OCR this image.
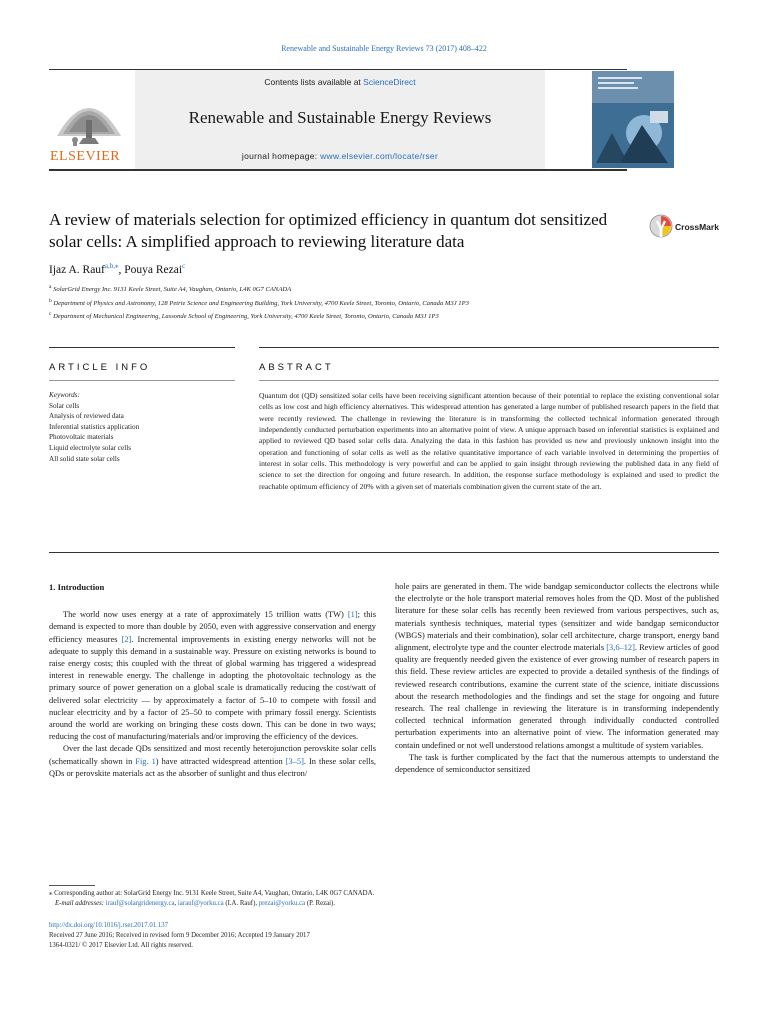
Renewable and Sustainable Energy Reviews 73 (2017) 408–422
ELSEVIER
Contents lists available at ScienceDirect
Renewable and Sustainable Energy Reviews
journal homepage: www.elsevier.com/locate/rser
A review of materials selection for optimized efficiency in quantum dot sensitized solar cells: A simplified approach to reviewing literature data
CrossMark
Ijaz A. Rauf$^{a,b,⁎}$, Pouya Rezai$^c$
$^a$ SolarGrid Energy Inc. 9131 Keele Street, Suite A4, Vaughan, Ontario, L4K 0G7 CANADA
$^b$ Department of Physics and Astronomy, 128 Petrie Science and Engineering Building, York University, 4700 Keele Street, Toronto, Ontario, Canada M3J 1P3
$^c$ Department of Mechanical Engineering, Lassonde School of Engineering, York University, 4700 Keele Street, Toronto, Ontario, Canada M3J 1P3
ARTICLE INFO	ABSTRACT
Keywords:
Solar cells
Analysis of reviewed data
Inferential statistics application
Photovoltaic materials
Liquid electrolyte solar cells
All solid state solar cells
Quantum dot (QD) sensitized solar cells have been receiving significant attention because of their potential to replace the existing conventional solar cells as low cost and high efficiency alternatives. This widespread attention has generated a large number of published research papers in the field that were recently reviewed. The challenge in reviewing the literature is in transforming the collected technical information generated through independently conducted perturbation experiments into an alternative point of view. A unique approach based on inferential statistics is explained and applied to reviewed QD based solar cells data. Analyzing the data in this fashion has provided us new and previously unknown insight into the operation and functioning of solar cells as well as the relative quantitative importance of each variable involved in determining the properties of interest in solar cells. This methodology is very powerful and can be applied to gain insight through reviewing the published data in any field of science to set the direction for ongoing and future research. In addition, the response surface methodology is explained and used to predict the reachable optimum efficiency of 20% with a given set of materials combination given the current state of the art.
1. Introduction

The world now uses energy at a rate of approximately 15 trillion watts (TW) [1]; this demand is expected to more than double by 2050, even with aggressive conservation and energy efficiency measures [2]. Incremental improvements in existing energy networks will not be adequate to supply this demand in a sustainable way. Pressure on existing networks is bound to raise energy costs; this coupled with the threat of global warming has triggered a widespread interest in renewable energy. The challenge in adopting the photovoltaic technology as the primary source of power generation on a global scale is dramatically reducing the cost/watt of delivered solar electricity — by approximately a factor of 5–10 to compete with fossil and nuclear electricity and by a factor of 25–50 to compete with primary fossil energy. Scientists around the world are working on bringing these costs down. This can be done in two ways; reducing the cost of manufacturing/materials and/or improving the efficiency of the devices.

Over the last decade QDs sensitized and most recently heterojunction perovskite solar cells (schematically shown in Fig. 1) have attracted widespread attention [3–5]. In these solar cells, QDs or perovskite materials act as the absorber of sunlight and thus electron/

hole pairs are generated in them. The wide bandgap semiconductor collects the electrons while the electrolyte or the hole transport material removes holes from the QD. Most of the published literature for these solar cells has recently been reviewed from various perspectives, such as, materials synthesis techniques, material types (sensitizer and wide bandgap semiconductor (WBGS) materials and their combination), solar cell architecture, charge transport, energy band alignment, electrolyte type and the counter electrode materials [3,6–12]. Review articles of good quality are frequently needed given the existence of ever growing number of research papers in this field. These review articles are expected to provide a detailed synthesis of the findings of reviewed research contributions, examine the current state of the science, initiate discussions about the research methodologies and the findings and set the stage for ongoing and future research. The real challenge in reviewing the literature is in transforming independently collected technical information generated through individually conducted controlled perturbation experiments into an alternative point of view. The information generated may contain undefined or not well understood relations amongst a multitude of system variables.

The task is further complicated by the fact that the numerous attempts to understand the dependence of semiconductor sensitized

⁎ Corresponding author at: SolarGrid Energy Inc. 9131 Keele Street, Suite A4, Vaughan, Ontario, L4K 0G7 CANADA.
E-mail addresses: irauf@solargridenergy.ca, iarauf@yorku.ca (I.A. Rauf), prezai@yorku.ca (P. Rezai).
http://dx.doi.org/10.1016/j.rser.2017.01.137
Received 27 June 2016; Received in revised form 9 December 2016; Accepted 19 January 2017
1364-0321/ © 2017 Elsevier Ltd. All rights reserved.
